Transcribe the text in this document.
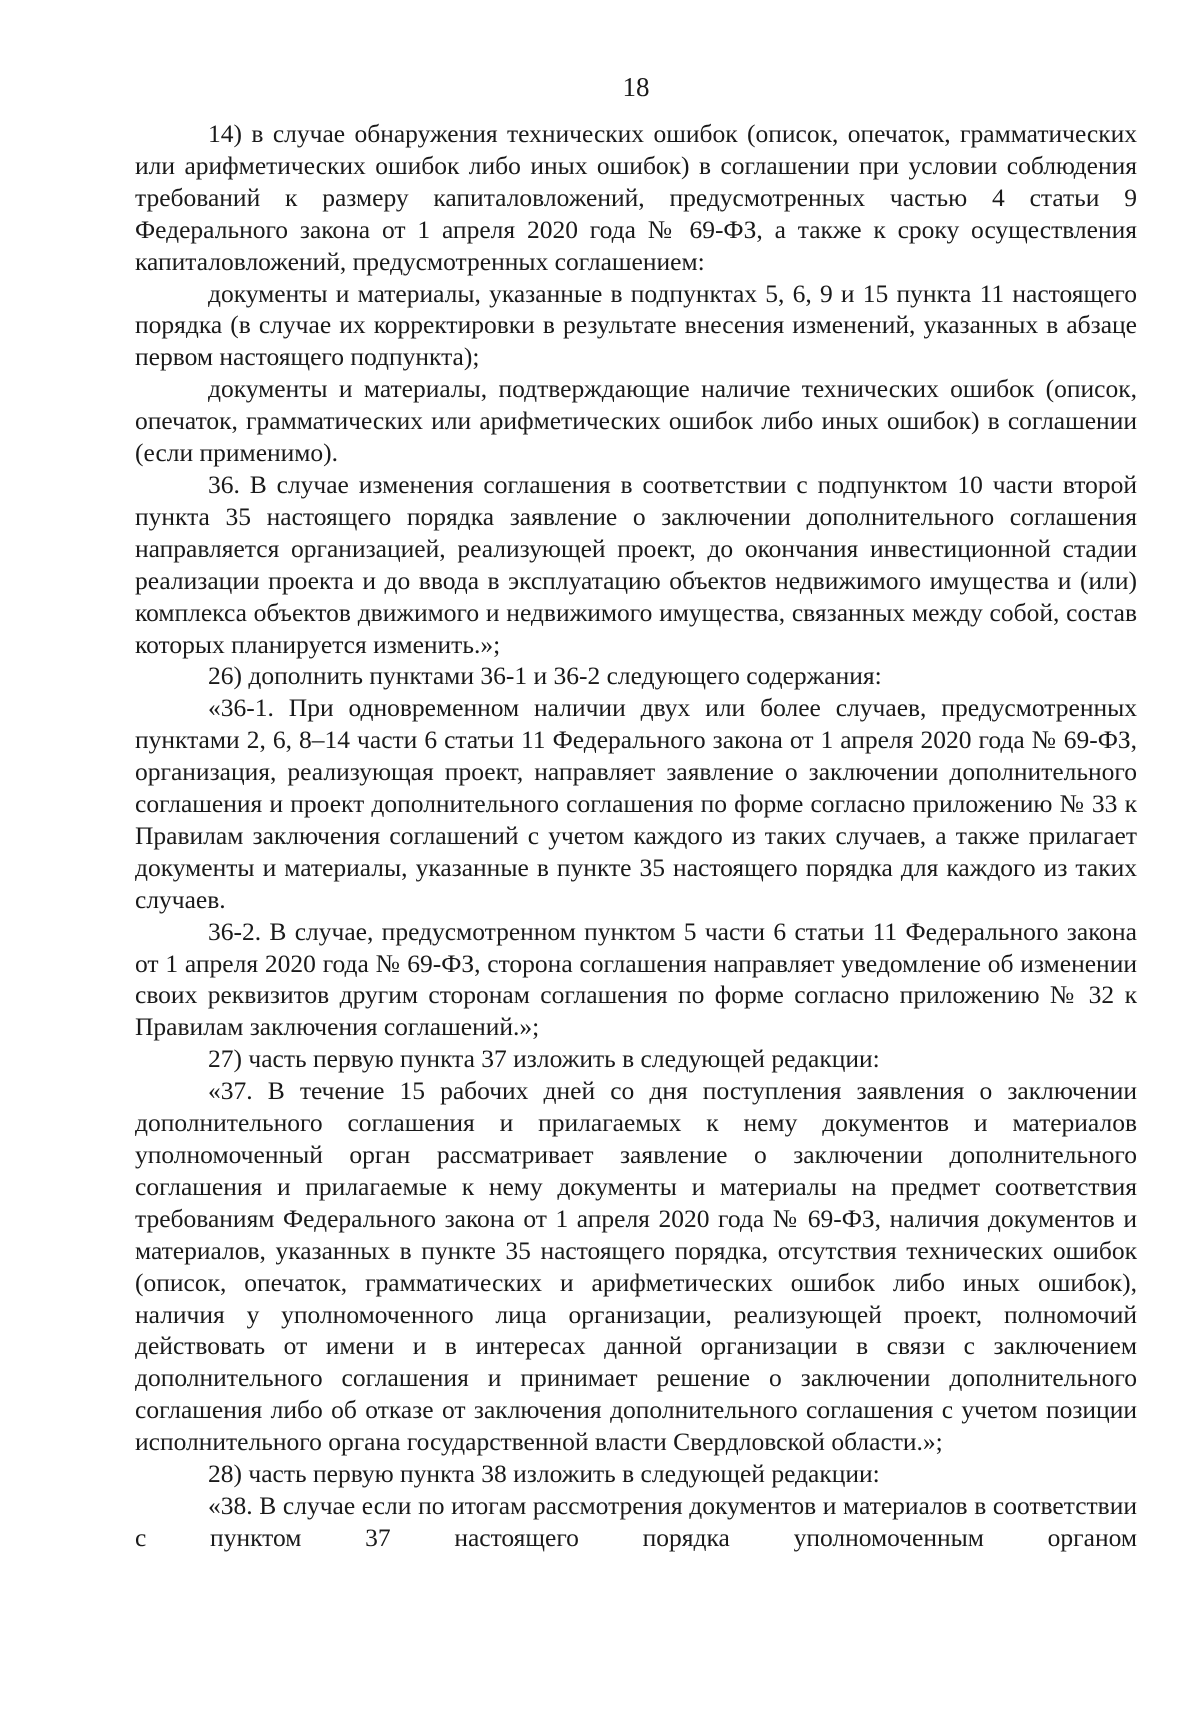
18

14) в случае обнаружения технических ошибок (описок, опечаток, грамматических или арифметических ошибок либо иных ошибок) в соглашении при условии соблюдения требований к размеру капиталовложений, предусмотренных частью 4 статьи 9 Федерального закона от 1 апреля 2020 года № 69-ФЗ, а также к сроку осуществления капиталовложений, предусмотренных соглашением:

документы и материалы, указанные в подпунктах 5, 6, 9 и 15 пункта 11 настоящего порядка (в случае их корректировки в результате внесения изменений, указанных в абзаце первом настоящего подпункта);

документы и материалы, подтверждающие наличие технических ошибок (описок, опечаток, грамматических или арифметических ошибок либо иных ошибок) в соглашении (если применимо).

36. В случае изменения соглашения в соответствии с подпунктом 10 части второй пункта 35 настоящего порядка заявление о заключении дополнительного соглашения направляется организацией, реализующей проект, до окончания инвестиционной стадии реализации проекта и до ввода в эксплуатацию объектов недвижимого имущества и (или) комплекса объектов движимого и недвижимого имущества, связанных между собой, состав которых планируется изменить.»;

26) дополнить пунктами 36-1 и 36-2 следующего содержания:

«36-1. При одновременном наличии двух или более случаев, предусмотренных пунктами 2, 6, 8–14 части 6 статьи 11 Федерального закона от 1 апреля 2020 года № 69-ФЗ, организация, реализующая проект, направляет заявление о заключении дополнительного соглашения и проект дополнительного соглашения по форме согласно приложению № 33 к Правилам заключения соглашений с учетом каждого из таких случаев, а также прилагает документы и материалы, указанные в пункте 35 настоящего порядка для каждого из таких случаев.

36-2. В случае, предусмотренном пунктом 5 части 6 статьи 11 Федерального закона от 1 апреля 2020 года № 69-ФЗ, сторона соглашения направляет уведомление об изменении своих реквизитов другим сторонам соглашения по форме согласно приложению № 32 к Правилам заключения соглашений.»;

27) часть первую пункта 37 изложить в следующей редакции:

«37. В течение 15 рабочих дней со дня поступления заявления о заключении дополнительного соглашения и прилагаемых к нему документов и материалов уполномоченный орган рассматривает заявление о заключении дополнительного соглашения и прилагаемые к нему документы и материалы на предмет соответствия требованиям Федерального закона от 1 апреля 2020 года № 69-ФЗ, наличия документов и материалов, указанных в пункте 35 настоящего порядка, отсутствия технических ошибок (описок, опечаток, грамматических и арифметических ошибок либо иных ошибок), наличия у уполномоченного лица организации, реализующей проект, полномочий действовать от имени и в интересах данной организации в связи с заключением дополнительного соглашения и принимает решение о заключении дополнительного соглашения либо об отказе от заключения дополнительного соглашения с учетом позиции исполнительного органа государственной власти Свердловской области.»;

28) часть первую пункта 38 изложить в следующей редакции:

«38. В случае если по итогам рассмотрения документов и материалов в соответствии с пунктом 37 настоящего порядка уполномоченным органом
